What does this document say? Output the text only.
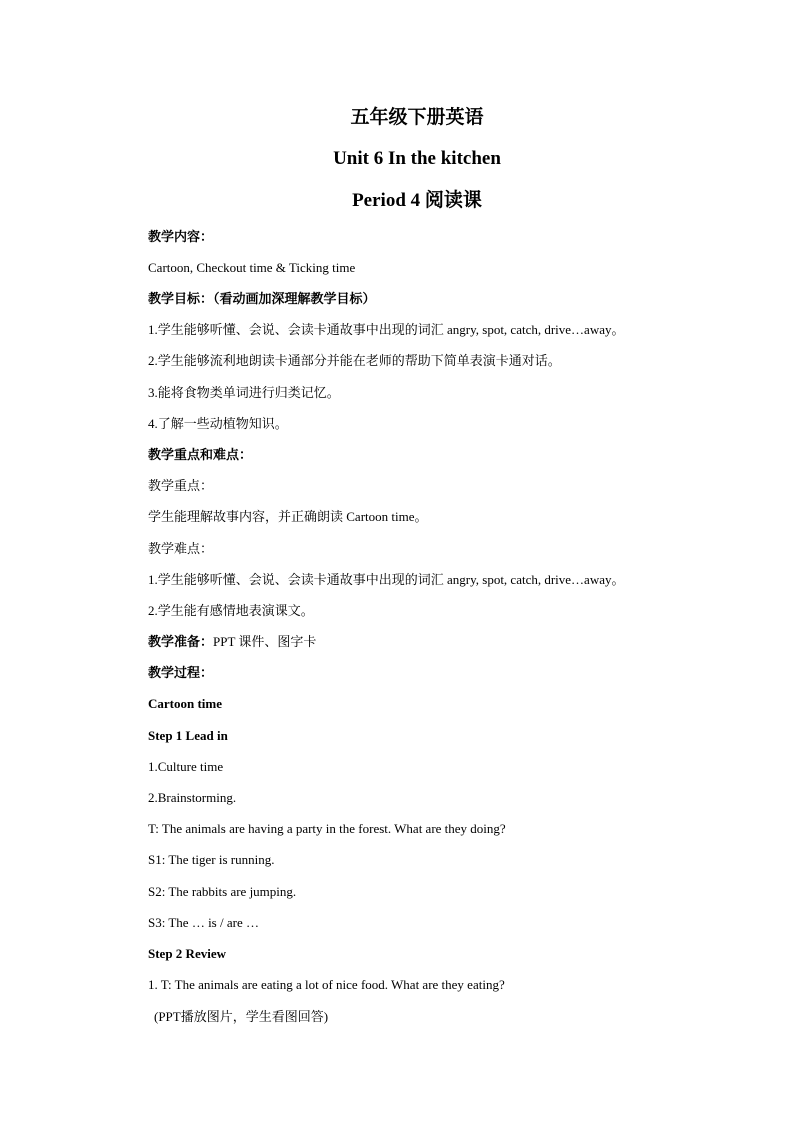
五年级下册英语
Unit 6 In the kitchen
Period 4 阅读课
教学内容：
Cartoon, Checkout time & Ticking time
教学目标：（看动画加深理解教学目标）
1.学生能够听懂、会说、会读卡通故事中出现的词汇 angry, spot, catch, drive…away。
2.学生能够流利地朗读卡通部分并能在老师的帮助下简单表演卡通对话。
3.能将食物类单词进行归类记忆。
4.了解一些动植物知识。
教学重点和难点：
教学重点：
学生能理解故事内容，并正确朗读 Cartoon time。
教学难点：
1.学生能够听懂、会说、会读卡通故事中出现的词汇 angry, spot, catch, drive…away。
2.学生能有感情地表演课文。
教学准备：PPT 课件、图字卡
教学过程：
Cartoon time
Step 1 Lead in
1.Culture time
2.Brainstorming.
T: The animals are having a party in the forest. What are they doing?
S1: The tiger is running.
S2: The rabbits are jumping.
S3: The … is / are …
Step 2 Review
1. T: The animals are eating a lot of nice food. What are they eating?
(PPT播放图片，学生看图回答)
